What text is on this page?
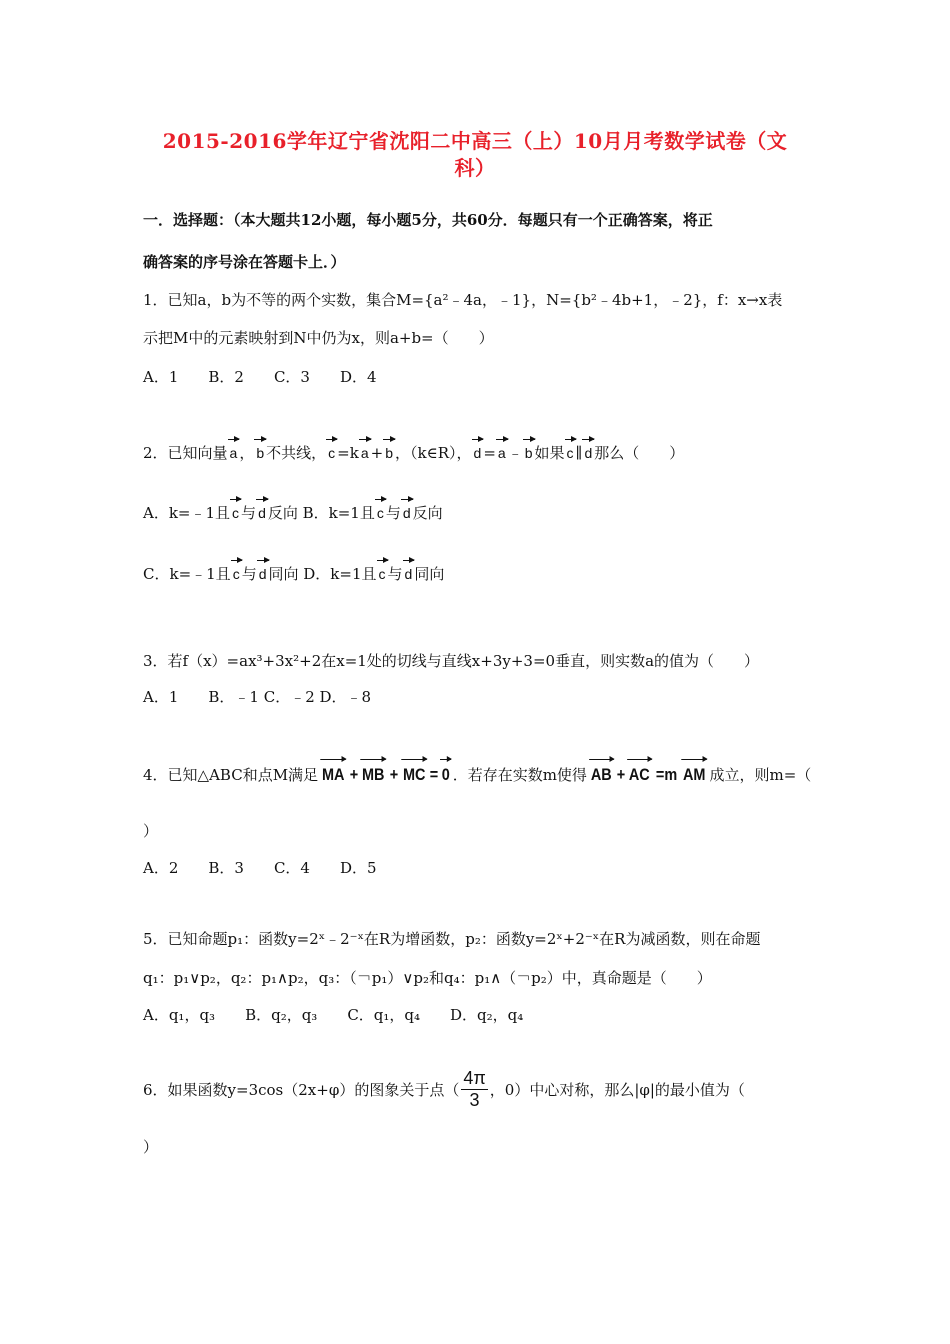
2015-2016学年辽宁省沈阳二中高三（上）10月月考数学试卷（文
科）
一．选择题：（本大题共12小题，每小题5分，共60分．每题只有一个正确答案，将正
确答案的序号涂在答题卡上．）
1．已知a，b为不等的两个实数，集合M={a²﹣4a，﹣1}，N={b²﹣4b+1，﹣2}，f：x→x表
示把M中的元素映射到N中仍为x，则a+b=（　　）
A．1　　B．2　　C．3　　D．4
2．已知向量 a ， b 不共线， c =k a + b ，（k∈R）， d = a ﹣ b 如果 c ∥ d 那么（　　）
A．k=﹣1且 c 与 d 反向 B．k=1且 c 与 d 反向
C．k=﹣1且 c 与 d 同向 D．k=1且 c 与 d 同向
3．若f（x）=ax³+3x²+2在x=1处的切线与直线x+3y+3=0垂直，则实数a的值为（　　）
A．1　　B．﹣1 C．﹣2 D．﹣8
4．已知△ABC和点M满足 MA + MB + MC = 0 ．若存在实数m使得 AB + AC =m AM 成立，则m=（
）
A．2　　B．3　　C．4　　D．5
5．已知命题p₁：函数y=2ˣ﹣2⁻ˣ在R为增函数，p₂：函数y=2ˣ+2⁻ˣ在R为减函数，则在命题
q₁：p₁∨p₂，q₂：p₁∧p₂，q₃：（￢p₁）∨p₂和q₄：p₁∧（￢p₂）中，真命题是（　　）
A．q₁，q₃　　B．q₂，q₃　　C．q₁，q₄　　D．q₂，q₄
6．如果函数y=3cos（2x+φ）的图象关于点（ $\frac{4\pi}{3}$ ，0）中心对称，那么|φ|的最小值为（
）
